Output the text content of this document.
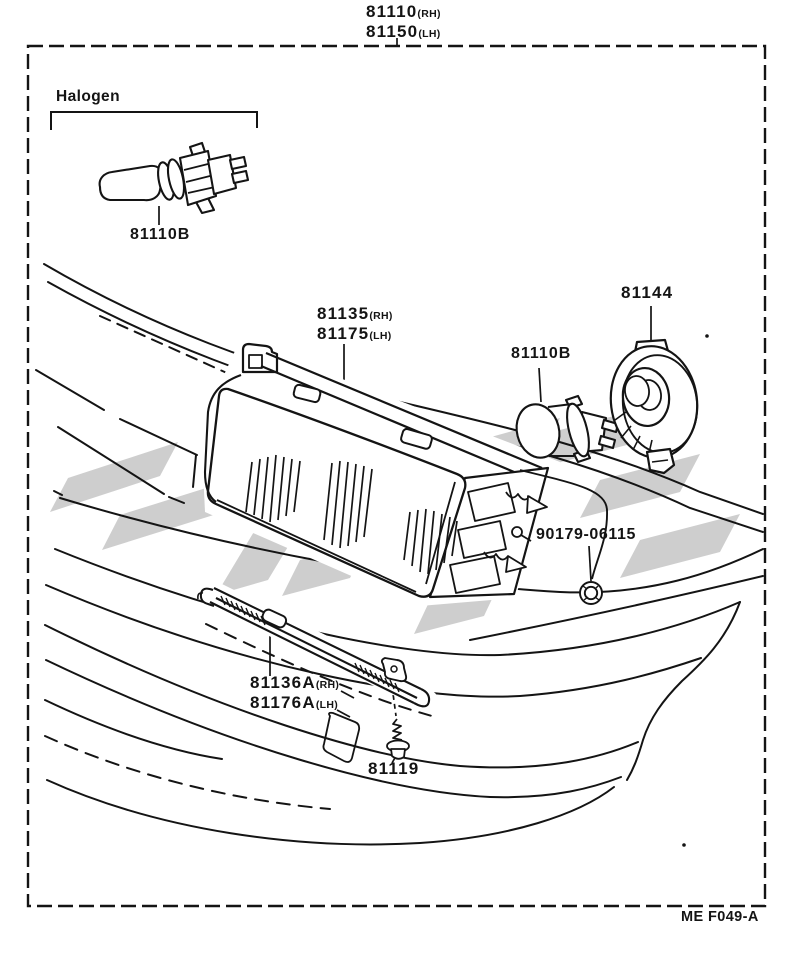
81110(RH)
81150(LH)
Halogen
81110B
81135(RH)
81175(LH)
81110B
81144
90179-06115
81136A(RH)
81176A(LH)
81119
ME F049-A
